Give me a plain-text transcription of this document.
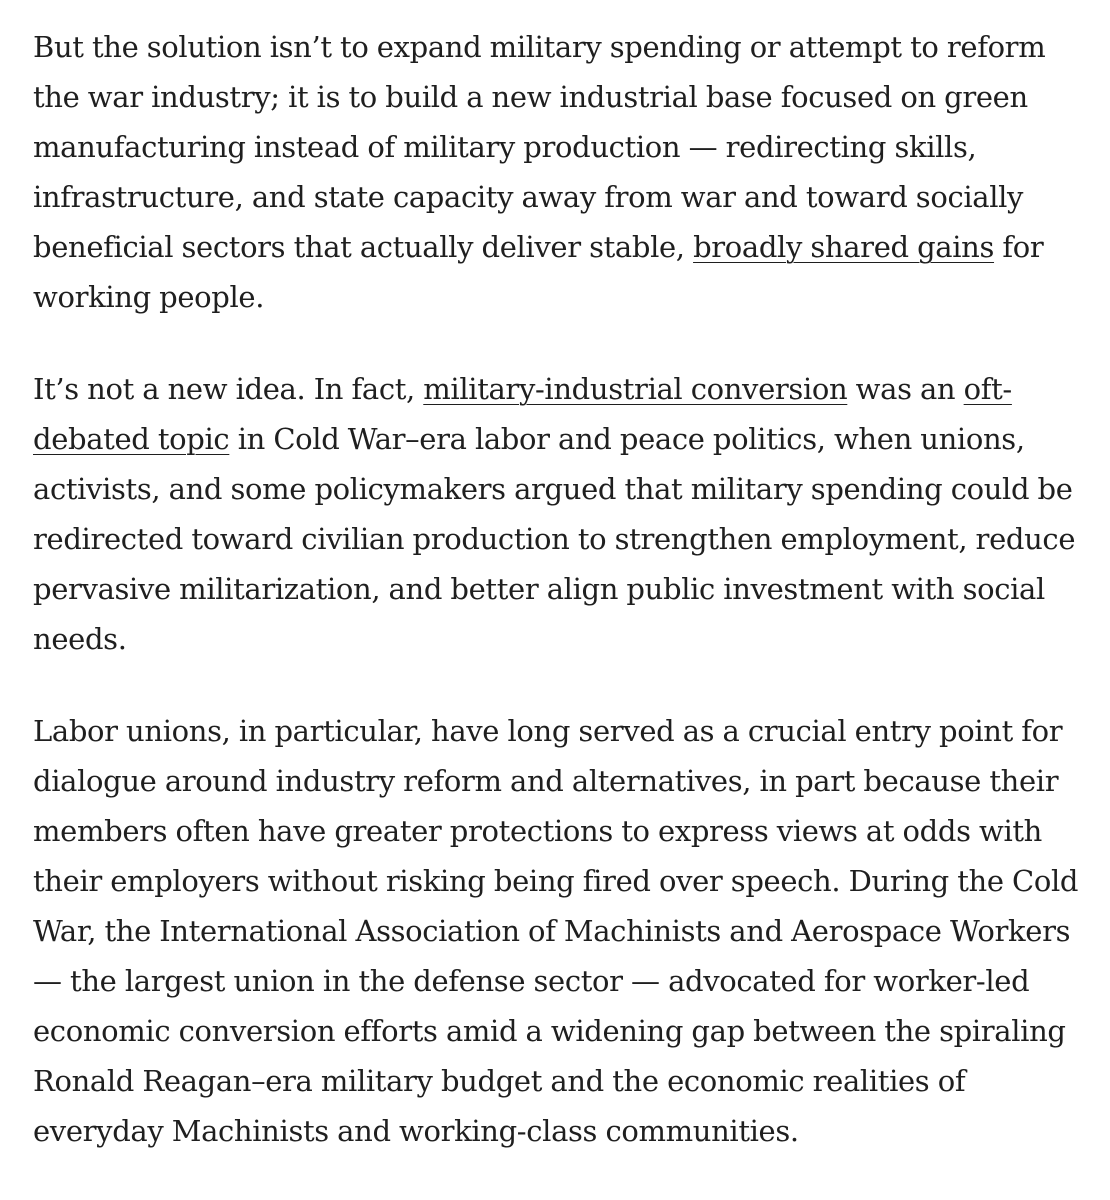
But the solution isn’t to expand military spending or attempt to reform the war industry; it is to build a new industrial base focused on green manufacturing instead of military production — redirecting skills, infrastructure, and state capacity away from war and toward socially beneficial sectors that actually deliver stable, broadly shared gains for working people.

It’s not a new idea. In fact, military-industrial conversion was an oft-debated topic in Cold War–era labor and peace politics, when unions, activists, and some policymakers argued that military spending could be redirected toward civilian production to strengthen employment, reduce pervasive militarization, and better align public investment with social needs.

Labor unions, in particular, have long served as a crucial entry point for dialogue around industry reform and alternatives, in part because their members often have greater protections to express views at odds with their employers without risking being fired over speech. During the Cold War, the International Association of Machinists and Aerospace Workers — the largest union in the defense sector — advocated for worker-led economic conversion efforts amid a widening gap between the spiraling Ronald Reagan–era military budget and the economic realities of everyday Machinists and working-class communities.
